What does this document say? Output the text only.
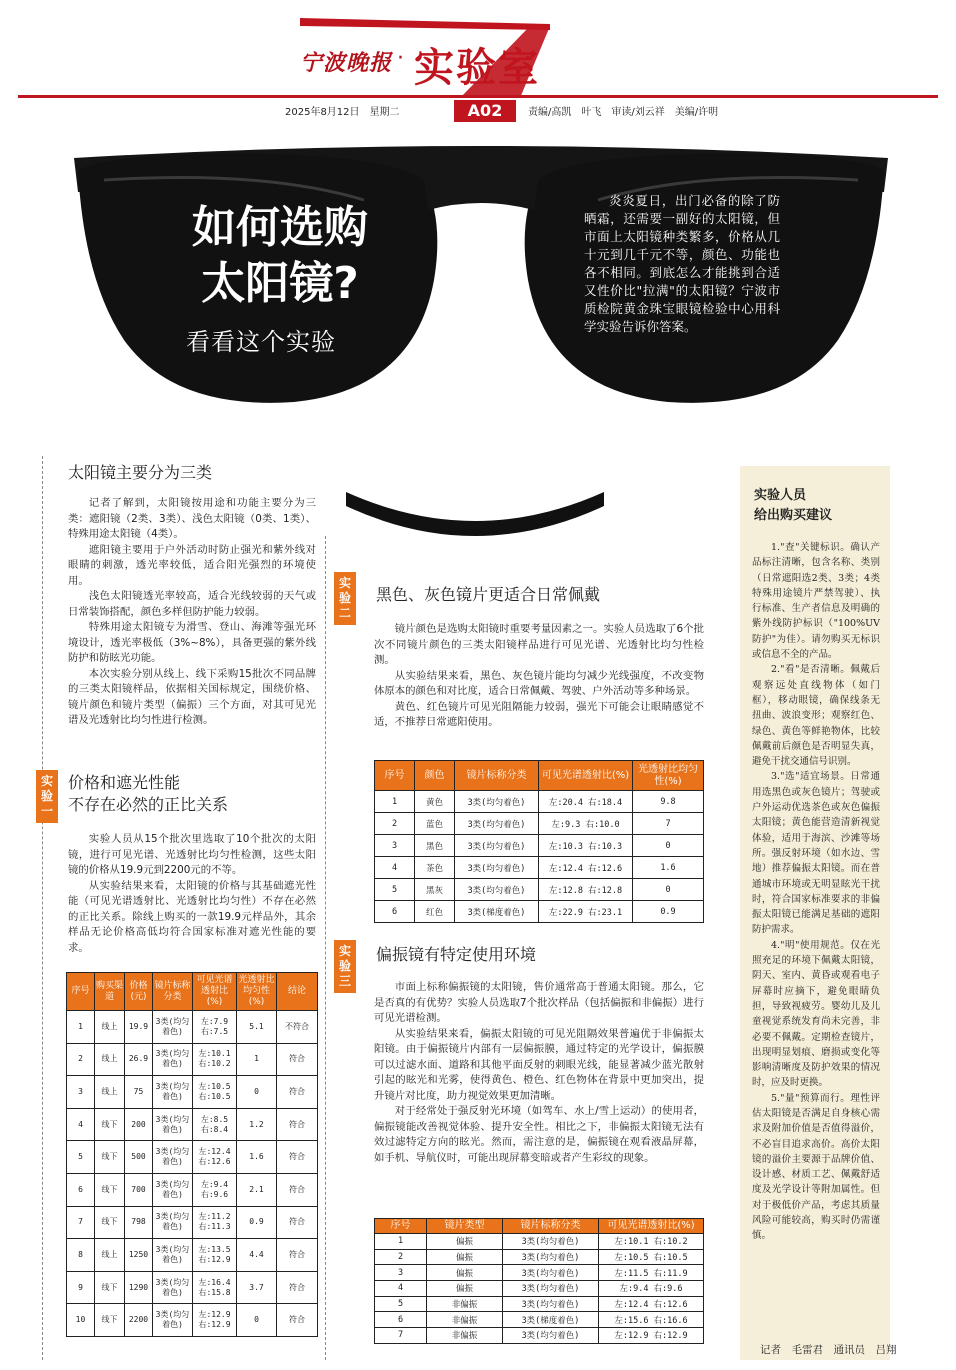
宁波晚报 · 实验室
A02
2025年8月12日　星期二	责编/高凯　叶飞　审读/刘云祥　美编/许明
如何选购
太阳镜?
看看这个实验
炎炎夏日，出门必备的除了防晒霜，还需要一副好的太阳镜，但市面上太阳镜种类繁多，价格从几十元到几千元不等，颜色、功能也各不相同。到底怎么才能挑到合适又性价比"拉满"的太阳镜？宁波市质检院黄金珠宝眼镜检验中心用科学实验告诉你答案。
太阳镜主要分为三类

记者了解到，太阳镜按用途和功能主要分为三类：遮阳镜（2类、3类）、浅色太阳镜（0类、1类）、特殊用途太阳镜（4类）。

遮阳镜主要用于户外活动时防止强光和紫外线对眼睛的刺激，透光率较低，适合阳光强烈的环境使用。

浅色太阳镜透光率较高，适合光线较弱的天气或日常装饰搭配，颜色多样但防护能力较弱。

特殊用途太阳镜专为滑雪、登山、海滩等强光环境设计，透光率极低（3%~8%），具备更强的紫外线防护和防眩光功能。

本次实验分别从线上、线下采购15批次不同品牌的三类太阳镜样品，依据相关国标规定，围绕价格、镜片颜色和镜片类型（偏振）三个方面，对其可见光谱及光透射比均匀性进行检测。

实验一
价格和遮光性能
不存在必然的正比关系

实验人员从15个批次里选取了10个批次的太阳镜，进行可见光谱、光透射比均匀性检测，这些太阳镜的价格从19.9元到2200元的不等。

从实验结果来看，太阳镜的价格与其基础遮光性能（可见光谱透射比、光透射比均匀性）不存在必然的正比关系。除线上购买的一款19.9元样品外，其余样品无论价格高低均符合国家标准对遮光性能的要求。

序号	购买渠道	价格(元)	镜片标称分类	可见光谱透射比(%)	光透射比均匀性(%)	结论
1	线上	19.9	3类(均匀着色)	左:7.9 右:7.5	5.1	不符合
2	线上	26.9	3类(均匀着色)	左:10.1 右:10.2	1	符合
3	线上	75	3类(均匀着色)	左:10.5 右:10.5	0	符合
4	线下	200	3类(均匀着色)	左:8.5 右:8.4	1.2	符合
5	线下	500	3类(均匀着色)	左:12.4 右:12.6	1.6	符合
6	线下	700	3类(均匀着色)	左:9.4 右:9.6	2.1	符合
7	线下	798	3类(均匀着色)	左:11.2 右:11.3	0.9	符合
8	线上	1250	3类(均匀着色)	左:13.5 右:12.9	4.4	符合
9	线下	1290	3类(均匀着色)	左:16.4 右:15.8	3.7	符合
10	线下	2200	3类(均匀着色)	左:12.9 右:12.9	0	符合
实验二
黑色、灰色镜片更适合日常佩戴

镜片颜色是选购太阳镜时重要考量因素之一。实验人员选取了6个批次不同镜片颜色的三类太阳镜样品进行可见光谱、光透射比均匀性检测。

从实验结果来看，黑色、灰色镜片能均匀减少光线强度，不改变物体原本的颜色和对比度，适合日常佩戴、驾驶、户外活动等多种场景。

黄色、红色镜片可见光阻隔能力较弱，强光下可能会让眼睛感觉不适，不推荐日常遮阳使用。

序号	颜色	镜片标称分类	可见光谱透射比(%)	光透射比均匀性(%)
1	黄色	3类(均匀着色)	左:20.4 右:18.4	9.8
2	蓝色	3类(均匀着色)	左:9.3 右:10.0	7
3	黑色	3类(均匀着色)	左:10.3 右:10.3	0
4	茶色	3类(均匀着色)	左:12.4 右:12.6	1.6
5	黑灰	3类(均匀着色)	左:12.8 右:12.8	0
6	红色	3类(梯度着色)	左:22.9 右:23.1	0.9
实验三
偏振镜有特定使用环境

市面上标称偏振镜的太阳镜，售价通常高于普通太阳镜。那么，它是否真的有优势？实验人员选取7个批次样品（包括偏振和非偏振）进行可见光谱检测。

从实验结果来看，偏振太阳镜的可见光阻隔效果普遍优于非偏振太阳镜。由于偏振镜片内部有一层偏振膜，通过特定的光学设计，偏振膜可以过滤水面、道路和其他平面反射的刺眼光线，能显著减少蓝光散射引起的眩光和光雾，使得黄色、橙色、红色物体在背景中更加突出，提升镜片对比度，助力视觉效果更加清晰。

对于经常处于强反射光环境（如驾车、水上/雪上运动）的使用者，偏振镜能改善视觉体验、提升安全性。相比之下，非偏振太阳镜无法有效过滤特定方向的眩光。然而，需注意的是，偏振镜在观看液晶屏幕，如手机、导航仪时，可能出现屏幕变暗或者产生彩纹的现象。

序号	镜片类型	镜片标称分类	可见光谱透射比(%)
1	偏振	3类(均匀着色)	左:10.1 右:10.2
2	偏振	3类(均匀着色)	左:10.5 右:10.5
3	偏振	3类(均匀着色)	左:11.5 右:11.9
4	偏振	3类(均匀着色)	左:9.4 右:9.6
5	非偏振	3类(均匀着色)	左:12.4 右:12.6
6	非偏振	3类(梯度着色)	左:15.6 右:16.6
7	非偏振	3类(均匀着色)	左:12.9 右:12.9
实验人员
给出购买建议

1."查"关键标识。确认产品标注清晰，包含名称、类别（日常遮阳选2类、3类；4类特殊用途镜片严禁驾驶）、执行标准、生产者信息及明确的紫外线防护标识（"100%UV防护"为佳）。请勿购买无标识或信息不全的产品。

2."看"是否清晰。佩戴后观察远处直线物体（如门框），移动眼镜，确保线条无扭曲、波浪变形；观察红色、绿色、黄色等鲜艳物体，比较佩戴前后颜色是否明显失真，避免干扰交通信号识别。

3."选"适宜场景。日常通用选黑色或灰色镜片；驾驶或户外运动优选茶色或灰色偏振太阳镜；黄色能营造清新视觉体验，适用于海滨、沙滩等场所。强反射环境（如水边、雪地）推荐偏振太阳镜。而在普通城市环境或无明显眩光干扰时，符合国家标准要求的非偏振太阳镜已能满足基础的遮阳防护需求。

4."明"使用规范。仅在光照充足的环境下佩戴太阳镜，阴天、室内、黄昏或观看电子屏幕时应摘下，避免眼睛负担，导致视疲劳。婴幼儿及儿童视觉系统发育尚未完善，非必要不佩戴。定期检查镜片，出现明显划痕、磨损或变化等影响清晰度及防护效果的情况时，应及时更换。

5."量"预算而行。理性评估太阳镜是否满足自身核心需求及附加价值是否值得溢价，不必盲目追求高价。高价太阳镜的溢价主要源于品牌价值、设计感、材质工艺、佩戴舒适度及光学设计等附加属性。但对于极低价产品，考虑其质量风险可能较高，购买时仍需谨慎。

记者　毛雷君　通讯员　吕翔
